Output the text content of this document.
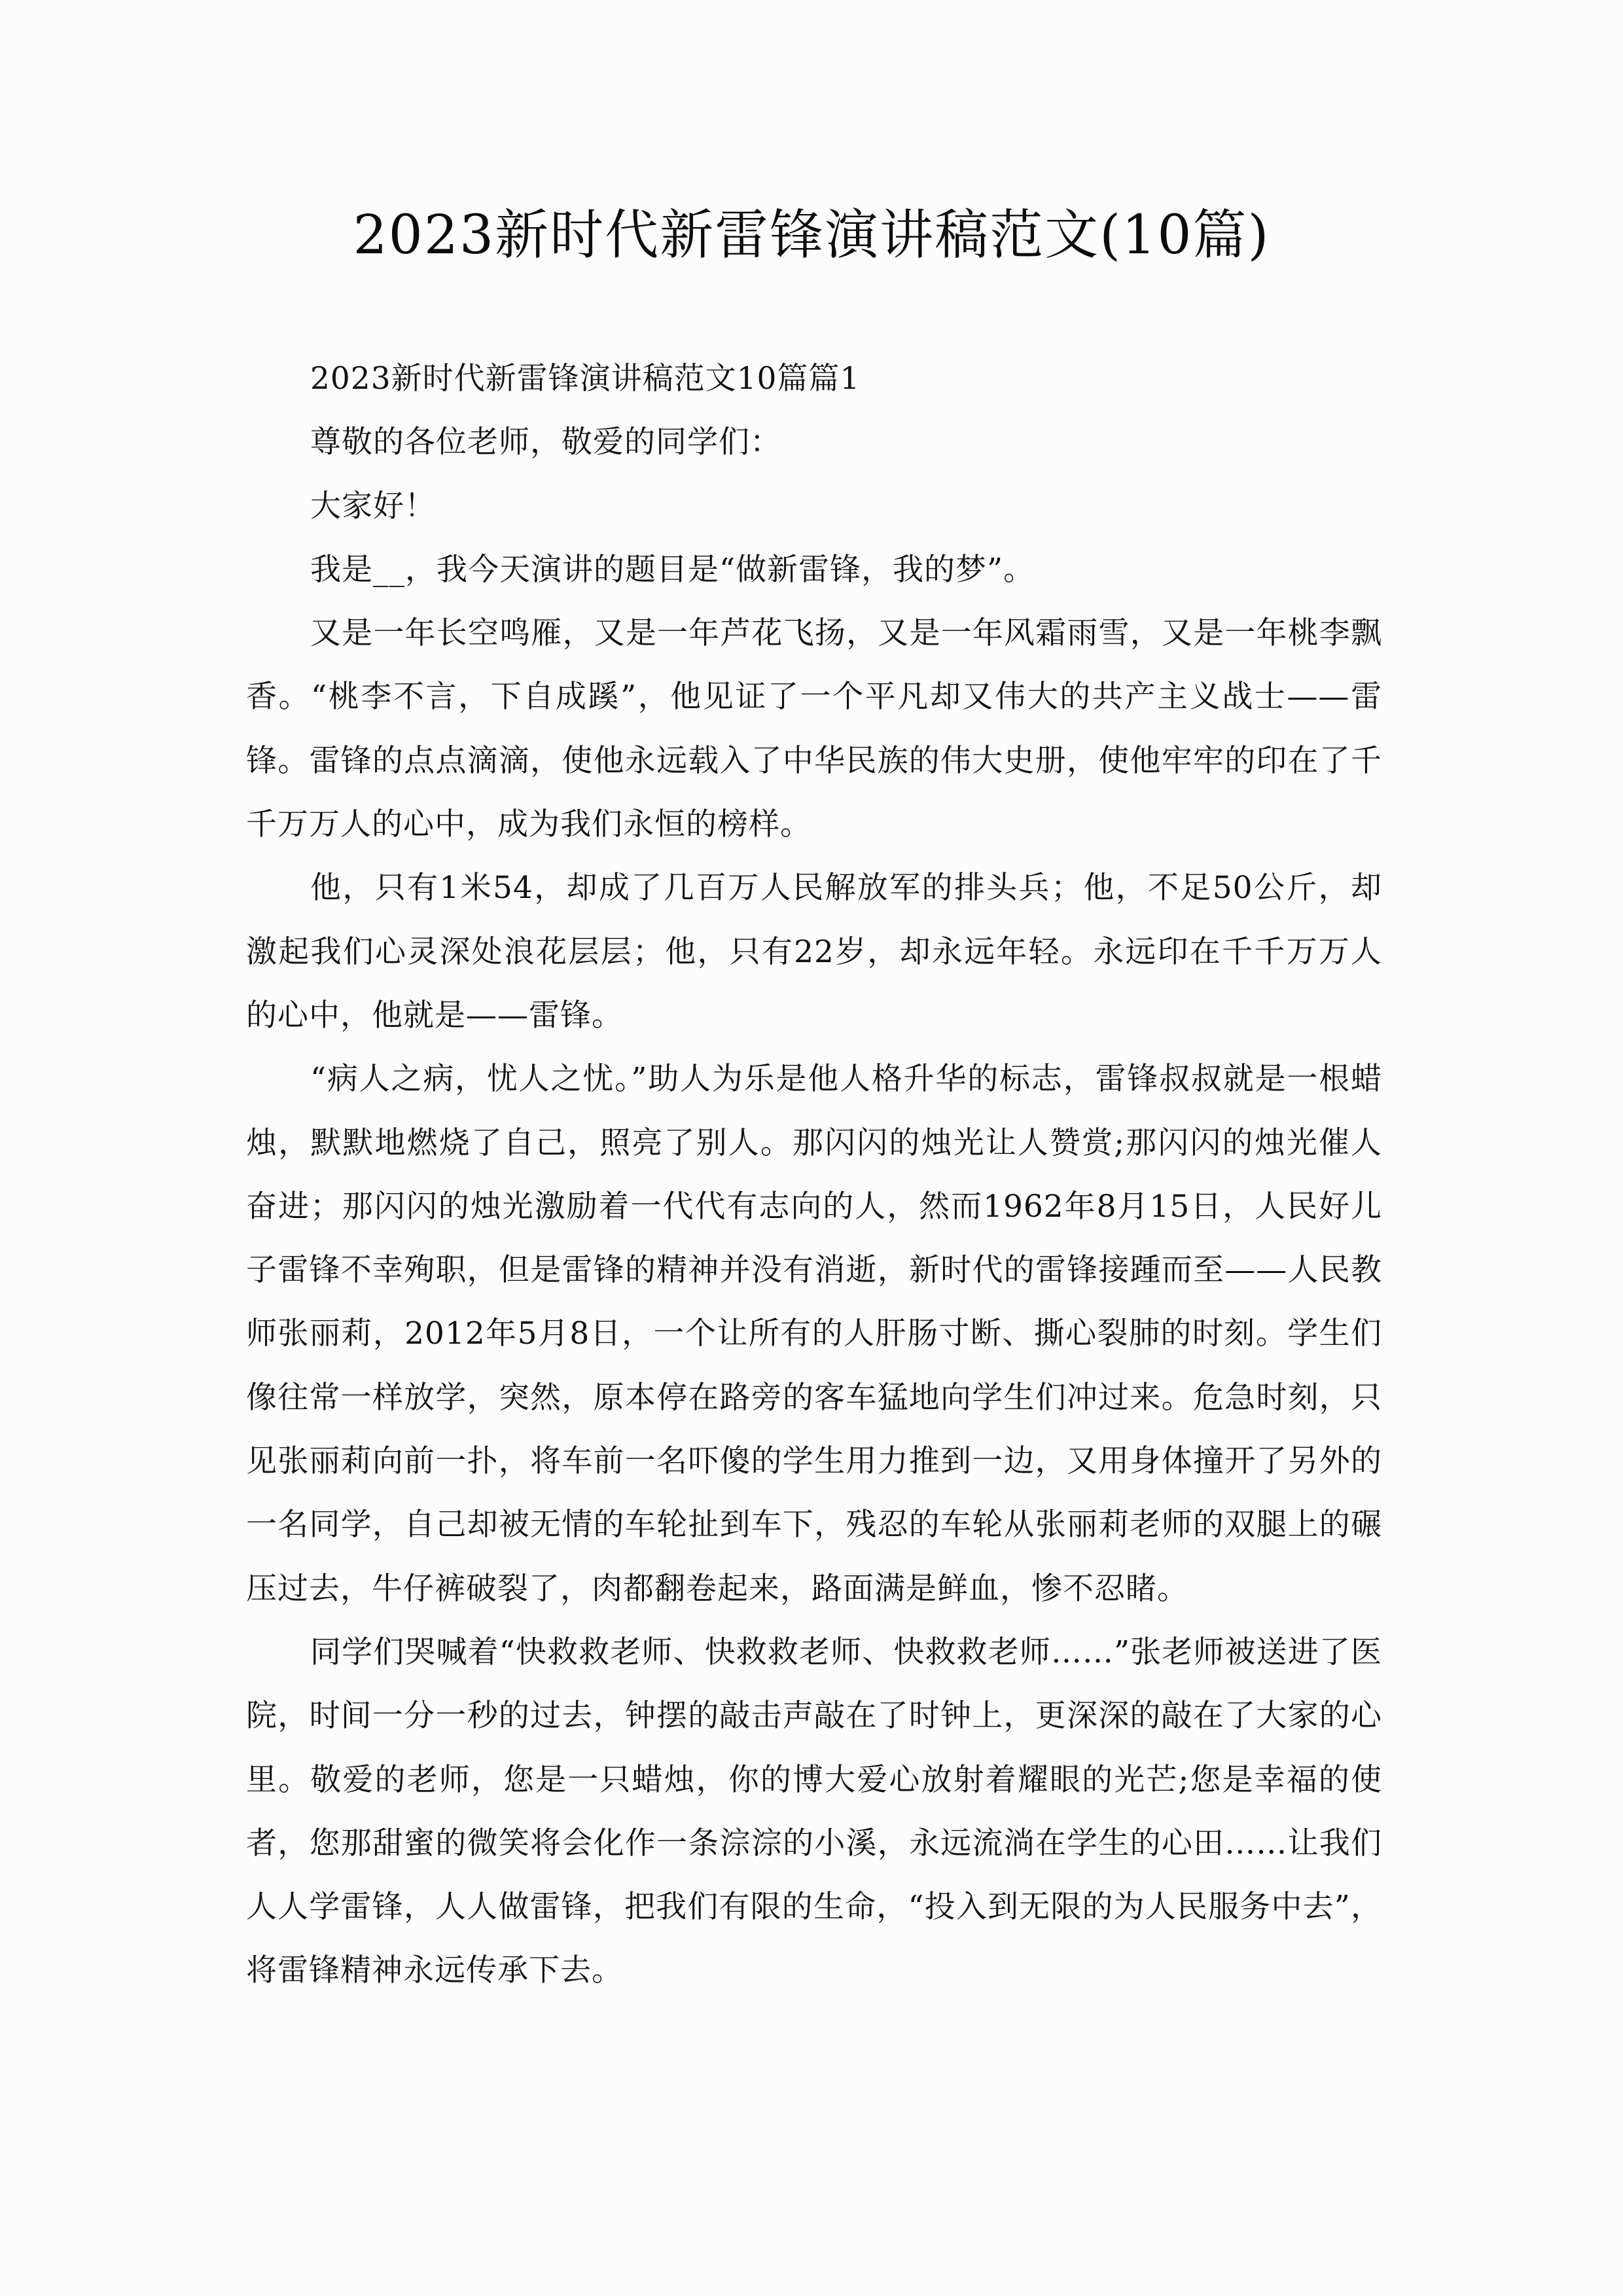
2023新时代新雷锋演讲稿范文(10篇)

2023新时代新雷锋演讲稿范文10篇篇1

尊敬的各位老师，敬爱的同学们：

大家好！

我是__，我今天演讲的题目是“做新雷锋，我的梦”。

又是一年长空鸣雁，又是一年芦花飞扬，又是一年风霜雨雪，又是一年桃李飘香。“桃李不言，下自成蹊”，他见证了一个平凡却又伟大的共产主义战士——雷锋。雷锋的点点滴滴，使他永远载入了中华民族的伟大史册，使他牢牢的印在了千千万万人的心中，成为我们永恒的榜样。

他，只有1米54，却成了几百万人民解放军的排头兵；他，不足50公斤，却激起我们心灵深处浪花层层；他，只有22岁，却永远年轻。永远印在千千万万人的心中，他就是——雷锋。

“病人之病，忧人之忧。”助人为乐是他人格升华的标志，雷锋叔叔就是一根蜡烛，默默地燃烧了自己，照亮了别人。那闪闪的烛光让人赞赏;那闪闪的烛光催人奋进；那闪闪的烛光激励着一代代有志向的人，然而1962年8月15日，人民好儿子雷锋不幸殉职，但是雷锋的精神并没有消逝，新时代的雷锋接踵而至——人民教师张丽莉，2012年5月8日，一个让所有的人肝肠寸断、撕心裂肺的时刻。学生们像往常一样放学，突然，原本停在路旁的客车猛地向学生们冲过来。危急时刻，只见张丽莉向前一扑，将车前一名吓傻的学生用力推到一边，又用身体撞开了另外的一名同学，自己却被无情的车轮扯到车下，残忍的车轮从张丽莉老师的双腿上的碾压过去，牛仔裤破裂了，肉都翻卷起来，路面满是鲜血，惨不忍睹。

同学们哭喊着“快救救老师、快救救老师、快救救老师……”张老师被送进了医院，时间一分一秒的过去，钟摆的敲击声敲在了时钟上，更深深的敲在了大家的心里。敬爱的老师，您是一只蜡烛，你的博大爱心放射着耀眼的光芒;您是幸福的使者，您那甜蜜的微笑将会化作一条淙淙的小溪，永远流淌在学生的心田……让我们人人学雷锋，人人做雷锋，把我们有限的生命，“投入到无限的为人民服务中去”，将雷锋精神永远传承下去。
